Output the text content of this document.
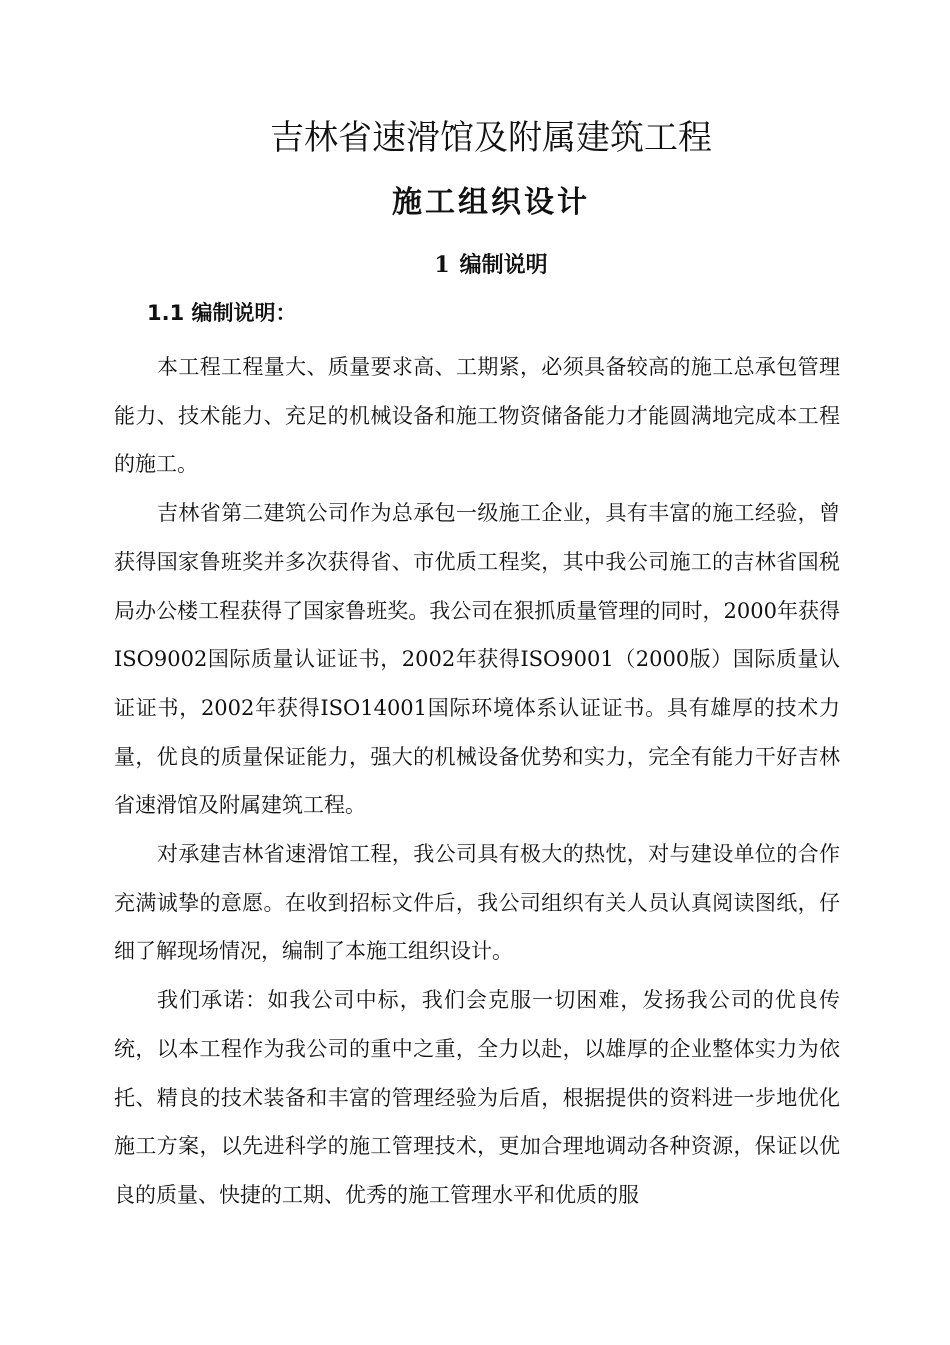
吉林省速滑馆及附属建筑工程
施工组织设计
1 编制说明
1.1 编制说明：

本工程工程量大、质量要求高、工期紧，必须具备较高的施工总承包管理能力、技术能力、充足的机械设备和施工物资储备能力才能圆满地完成本工程的施工。

吉林省第二建筑公司作为总承包一级施工企业，具有丰富的施工经验，曾获得国家鲁班奖并多次获得省、市优质工程奖，其中我公司施工的吉林省国税局办公楼工程获得了国家鲁班奖。我公司在狠抓质量管理的同时，2000年获得ISO9002国际质量认证证书，2002年获得ISO9001（2000版）国际质量认证证书，2002年获得ISO14001国际环境体系认证证书。具有雄厚的技术力量，优良的质量保证能力，强大的机械设备优势和实力，完全有能力干好吉林省速滑馆及附属建筑工程。

对承建吉林省速滑馆工程，我公司具有极大的热忱，对与建设单位的合作充满诚挚的意愿。在收到招标文件后，我公司组织有关人员认真阅读图纸，仔细了解现场情况，编制了本施工组织设计。

我们承诺：如我公司中标，我们会克服一切困难，发扬我公司的优良传统，以本工程作为我公司的重中之重，全力以赴，以雄厚的企业整体实力为依托、精良的技术装备和丰富的管理经验为后盾，根据提供的资料进一步地优化施工方案，以先进科学的施工管理技术，更加合理地调动各种资源，保证以优良的质量、快捷的工期、优秀的施工管理水平和优质的服
